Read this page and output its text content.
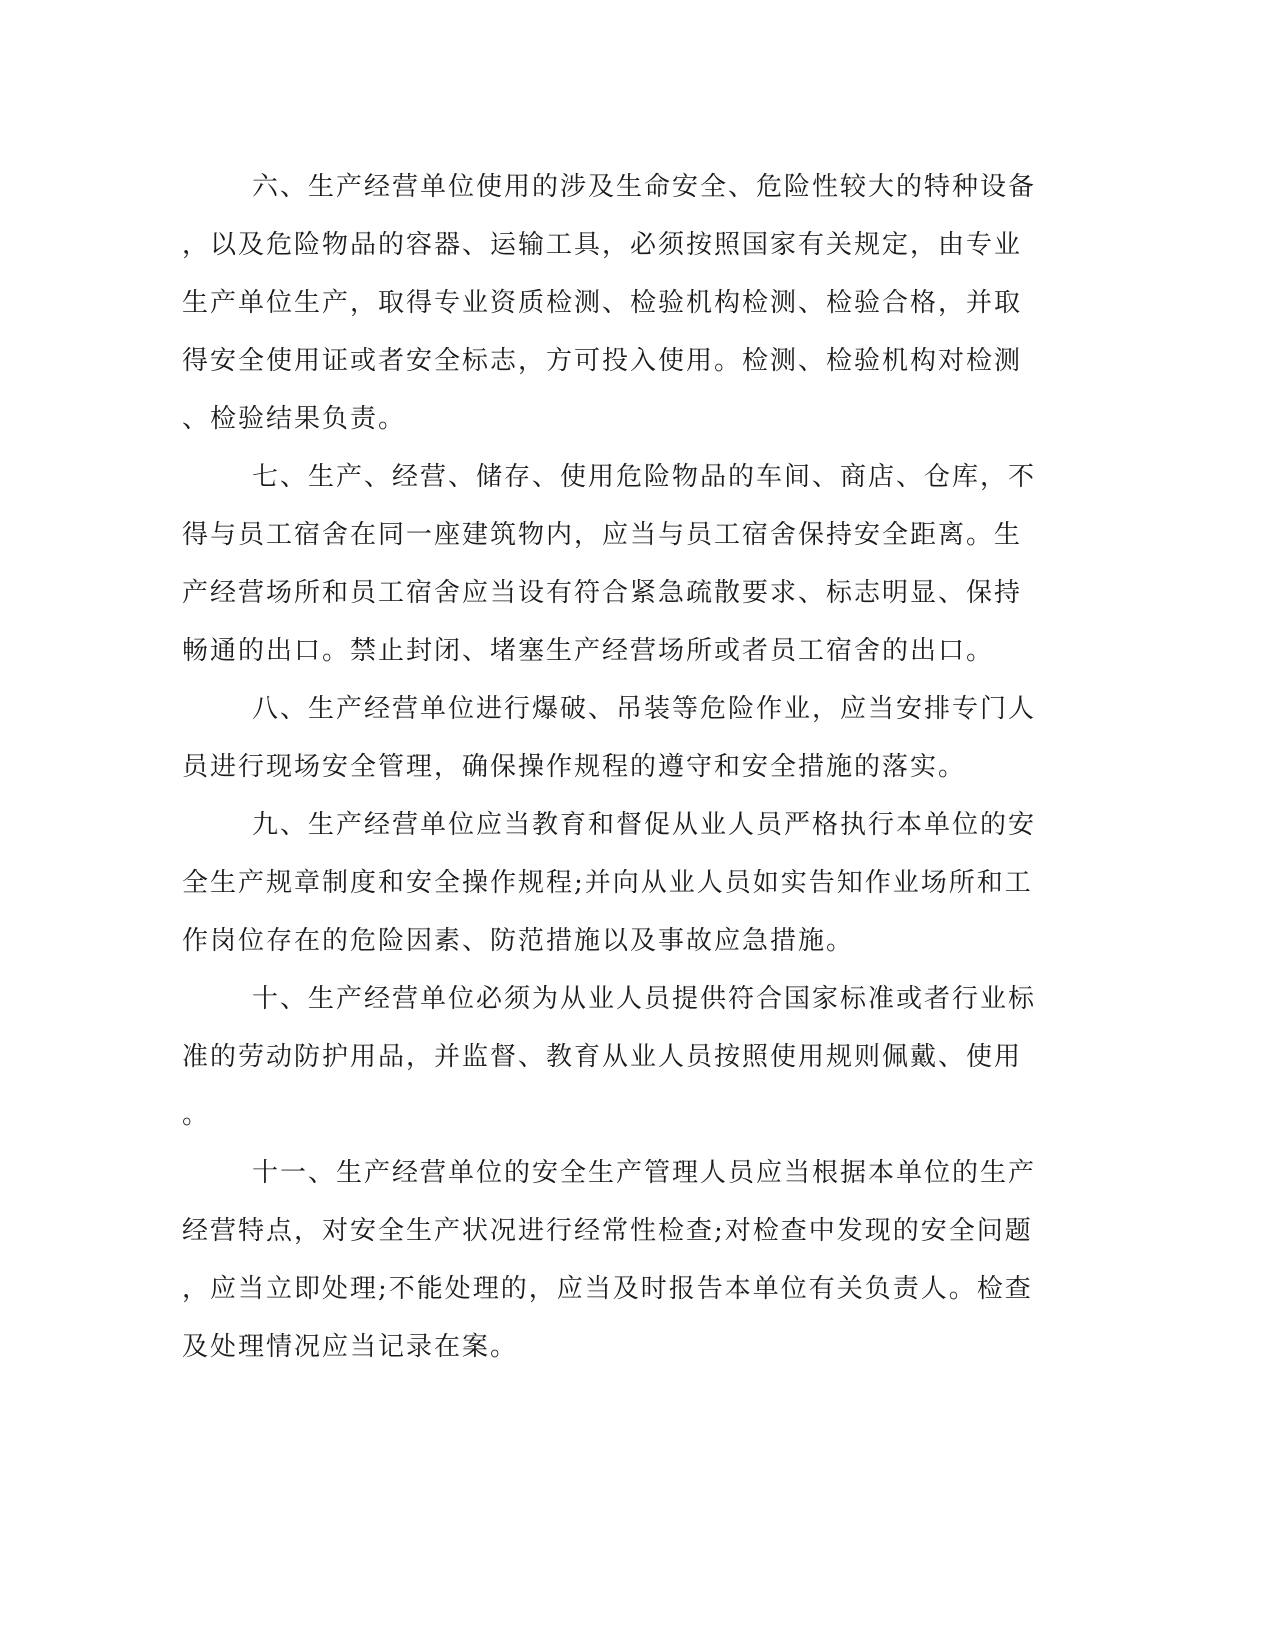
六、生产经营单位使用的涉及生命安全、危险性较大的特种设备
，以及危险物品的容器、运输工具，必须按照国家有关规定，由专业
生产单位生产，取得专业资质检测、检验机构检测、检验合格，并取
得安全使用证或者安全标志，方可投入使用。检测、检验机构对检测
、检验结果负责。
七、生产、经营、储存、使用危险物品的车间、商店、仓库，不
得与员工宿舍在同一座建筑物内，应当与员工宿舍保持安全距离。生
产经营场所和员工宿舍应当设有符合紧急疏散要求、标志明显、保持
畅通的出口。禁止封闭、堵塞生产经营场所或者员工宿舍的出口。
八、生产经营单位进行爆破、吊装等危险作业，应当安排专门人
员进行现场安全管理，确保操作规程的遵守和安全措施的落实。
九、生产经营单位应当教育和督促从业人员严格执行本单位的安
全生产规章制度和安全操作规程;并向从业人员如实告知作业场所和工
作岗位存在的危险因素、防范措施以及事故应急措施。
十、生产经营单位必须为从业人员提供符合国家标准或者行业标
准的劳动防护用品，并监督、教育从业人员按照使用规则佩戴、使用
。
十一、生产经营单位的安全生产管理人员应当根据本单位的生产
经营特点，对安全生产状况进行经常性检查;对检查中发现的安全问题
，应当立即处理;不能处理的，应当及时报告本单位有关负责人。检查
及处理情况应当记录在案。
